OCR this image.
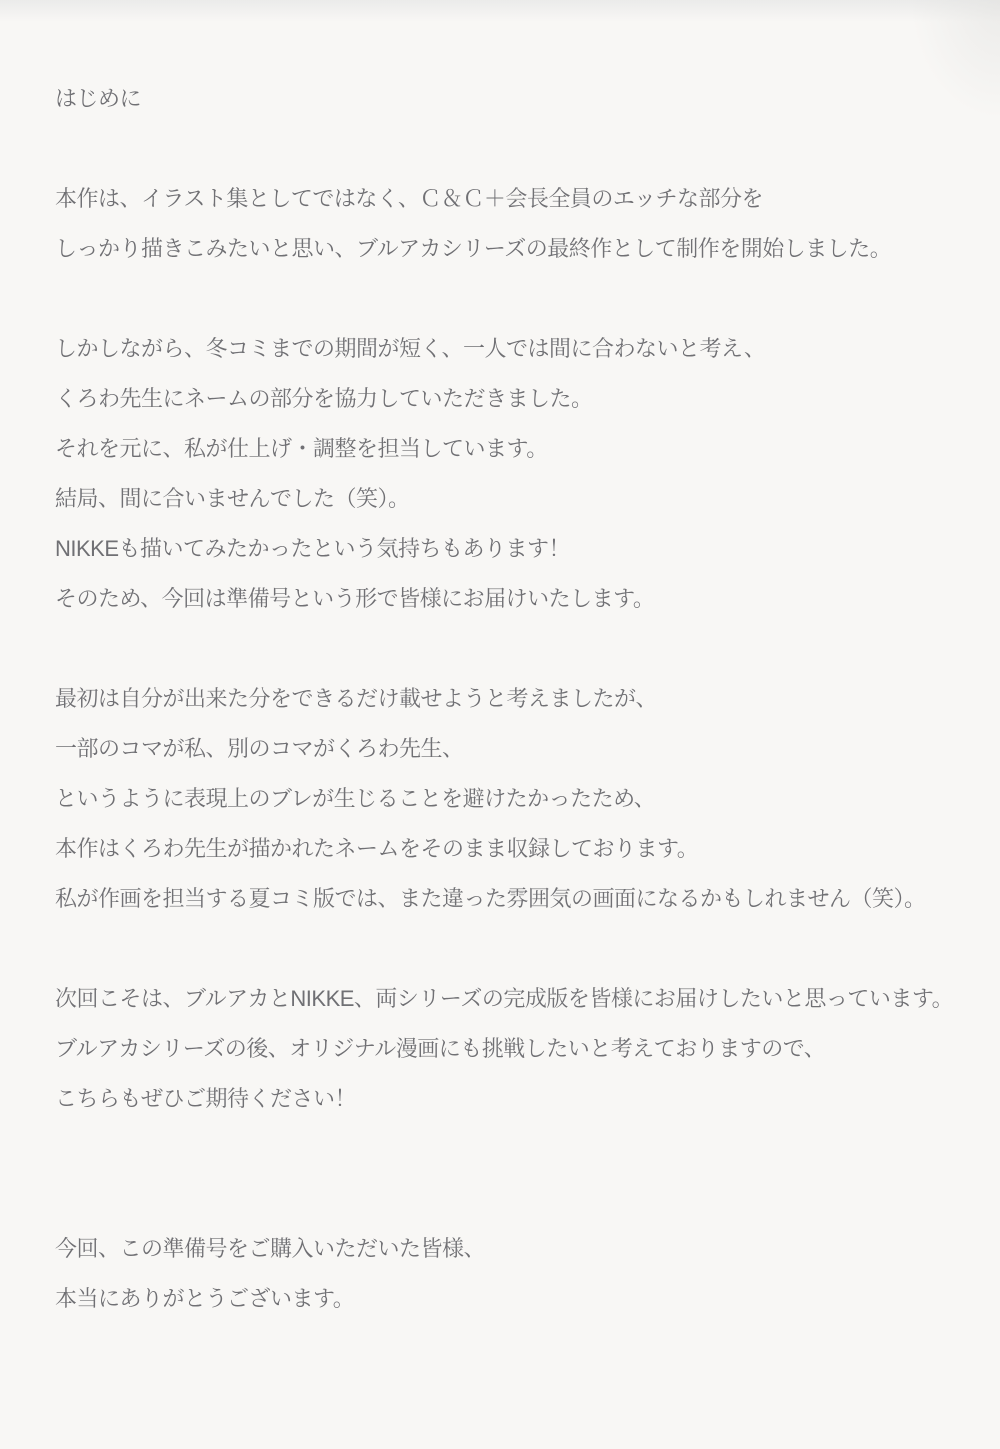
はじめに
本作は、イラスト集としてではなく、Ｃ＆Ｃ＋会長全員のエッチな部分を
しっかり描きこみたいと思い、ブルアカシリーズの最終作として制作を開始しました。
しかしながら、冬コミまでの期間が短く、一人では間に合わないと考え、
くろわ先生にネームの部分を協力していただきました。
それを元に、私が仕上げ・調整を担当しています。
結局、間に合いませんでした（笑）。
NIKKEも描いてみたかったという気持ちもあります！
そのため、今回は準備号という形で皆様にお届けいたします。
最初は自分が出来た分をできるだけ載せようと考えましたが、
一部のコマが私、別のコマがくろわ先生、
というように表現上のブレが生じることを避けたかったため、
本作はくろわ先生が描かれたネームをそのまま収録しております。
私が作画を担当する夏コミ版では、また違った雰囲気の画面になるかもしれません（笑）。
次回こそは、ブルアカとNIKKE、両シリーズの完成版を皆様にお届けしたいと思っています。
ブルアカシリーズの後、オリジナル漫画にも挑戦したいと考えておりますので、
こちらもぜひご期待ください！
今回、この準備号をご購入いただいた皆様、
本当にありがとうございます。
